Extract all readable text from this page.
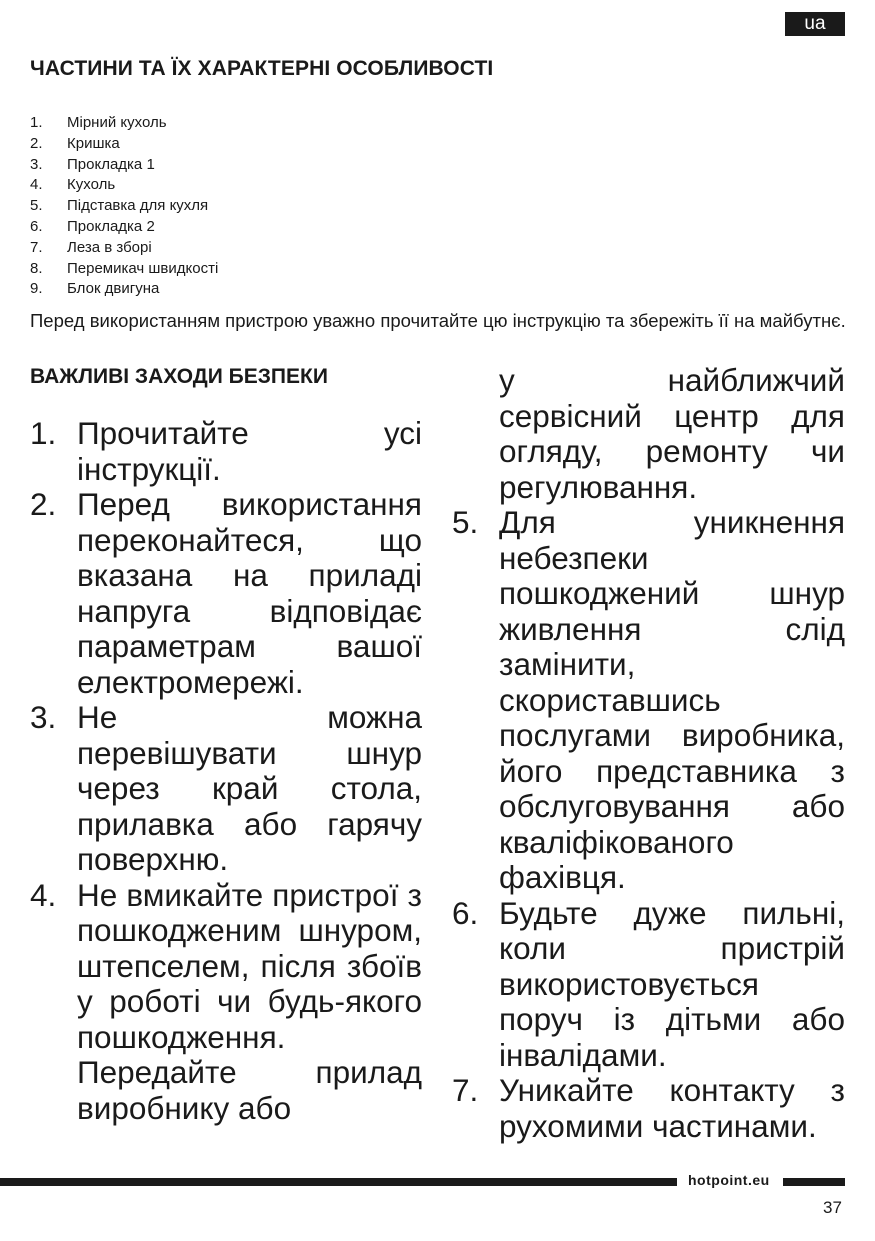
ua
ЧАСТИНИ ТА ЇХ ХАРАКТЕРНІ ОСОБЛИВОСТІ
1. Мірний кухоль
2. Кришка
3. Прокладка 1
4. Кухоль
5. Підставка для кухля
6. Прокладка 2
7. Леза в зборі
8. Перемикач швидкості
9. Блок двигуна

Перед використанням пристрою уважно прочитайте цю інструкцію та збережіть її на майбутнє.

ВАЖЛИВІ ЗАХОДИ БЕЗПЕКИ
1. Прочитайте усі інструкції.
2. Перед використання переконайтеся, що вказана на приладі напруга відповідає параметрам вашої електромережі.
3. Не можна перевішувати шнур через край стола, прилавка або гарячу поверхню.
4. Не вмикайте пристрої з пошкодженим шнуром, штепселем, після збоїв у роботі чи будь-якого пошкодження. Передайте прилад виробнику або
у найближчий сервісний центр для огляду, ремонту чи регулювання.
5. Для уникнення небезпеки пошкоджений шнур живлення слід замінити, скориставшись послугами виробника, його представника з обслуговування або кваліфікованого фахівця.
6. Будьте дуже пильні, коли пристрій використовується поруч із дітьми або інвалідами.
7. Уникайте контакту з рухомими частинами.
hotpoint.eu
37
